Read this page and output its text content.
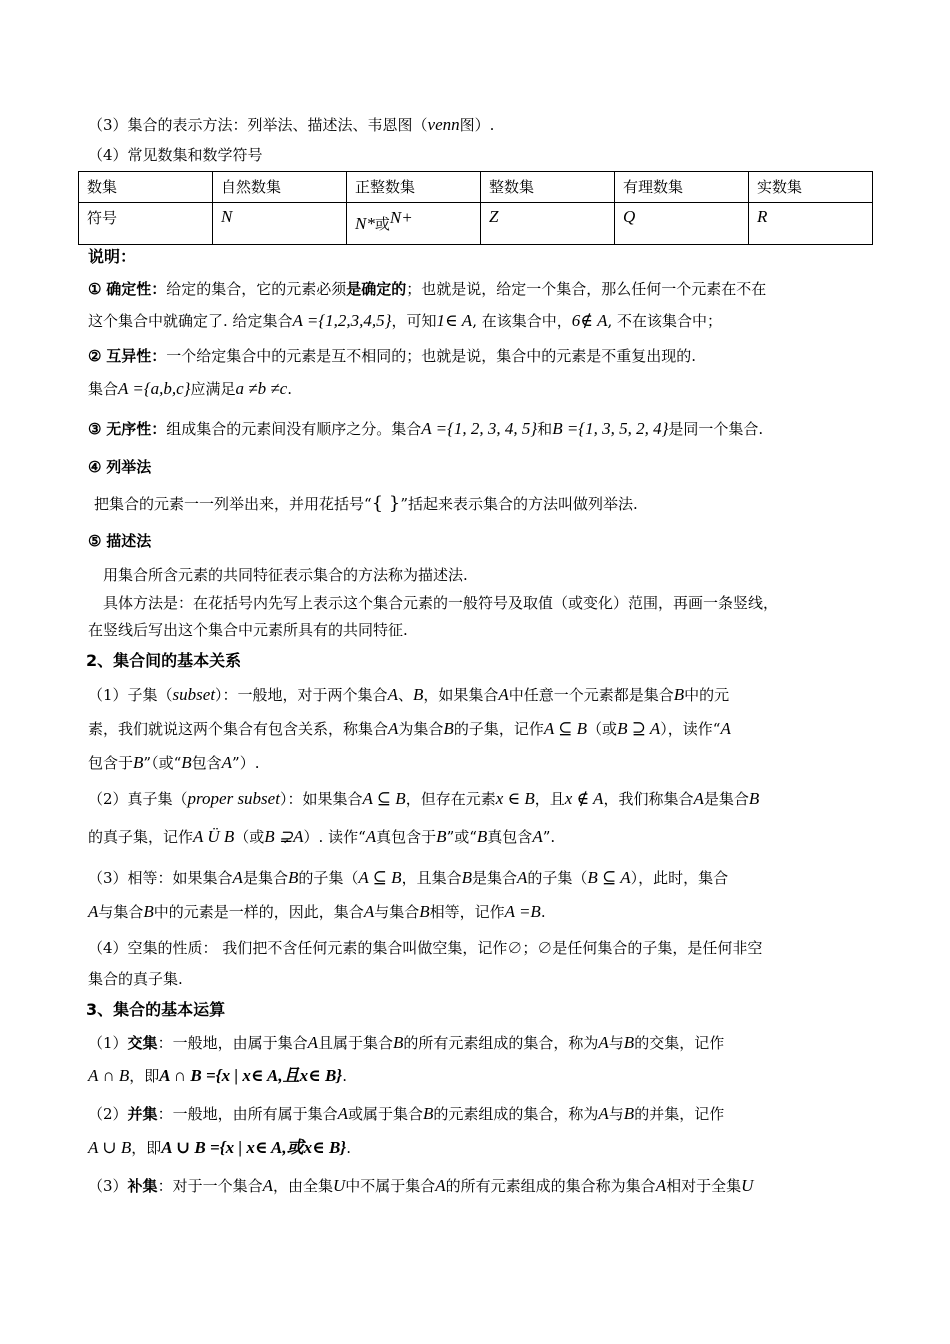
（3）集合的表示方法：列举法、描述法、韦恩图（venn图）.
（4）常见数集和数学符号
数集	自然数集	正整数集	整数集	有理数集	实数集
符号	N	N*或N+	Z	Q	R
说明：
① 确定性：给定的集合，它的元素必须是确定的；也就是说，给定一个集合，那么任何一个元素在不在
这个集合中就确定了. 给定集合A ={1,2,3,4,5}，可知1∈ A, 在该集合中，6∉ A, 不在该集合中；
② 互异性：一个给定集合中的元素是互不相同的；也就是说，集合中的元素是不重复出现的.
集合A ={a,b,c}应满足a ≠b ≠c.
③ 无序性：组成集合的元素间没有顺序之分。集合A ={1, 2, 3, 4, 5}和B ={1, 3, 5, 2, 4}是同一个集合.
④ 列举法
把集合的元素一一列举出来，并用花括号“{ }”括起来表示集合的方法叫做列举法.
⑤ 描述法
用集合所含元素的共同特征表示集合的方法称为描述法.
具体方法是：在花括号内先写上表示这个集合元素的一般符号及取值（或变化）范围，再画一条竖线，
在竖线后写出这个集合中元素所具有的共同特征.
2、集合间的基本关系
（1）子集（subset）：一般地，对于两个集合A、B，如果集合A中任意一个元素都是集合B中的元
素，我们就说这两个集合有包含关系，称集合A为集合B的子集，记作A ⊆ B（或B ⊇ A），读作“A
包含于B”（或“B包含A”）.
（2）真子集（proper subset）：如果集合A ⊆ B，但存在元素x ∈ B，且x ∉ A，我们称集合A是集合B
的真子集，记作A Ü B（或B ⊋A）. 读作“A真包含于B”或“B真包含A”.
（3）相等：如果集合A是集合B的子集（A ⊆ B，且集合B是集合A的子集（B ⊆ A），此时，集合
A与集合B中的元素是一样的，因此，集合A与集合B相等，记作A =B.
（4）空集的性质： 我们把不含任何元素的集合叫做空集，记作∅；∅是任何集合的子集，是任何非空
集合的真子集.
3、集合的基本运算
（1）交集：一般地，由属于集合A且属于集合B的所有元素组成的集合，称为A与B的交集，记作
A ∩ B，即A ∩ B ={x | x∈ A,且x∈ B}.
（2）并集：一般地，由所有属于集合A或属于集合B的元素组成的集合，称为A与B的并集，记作
A ∪ B，即A ∪ B ={x | x∈ A,或x∈ B}.
（3）补集：对于一个集合A，由全集U中不属于集合A的所有元素组成的集合称为集合A相对于全集U
